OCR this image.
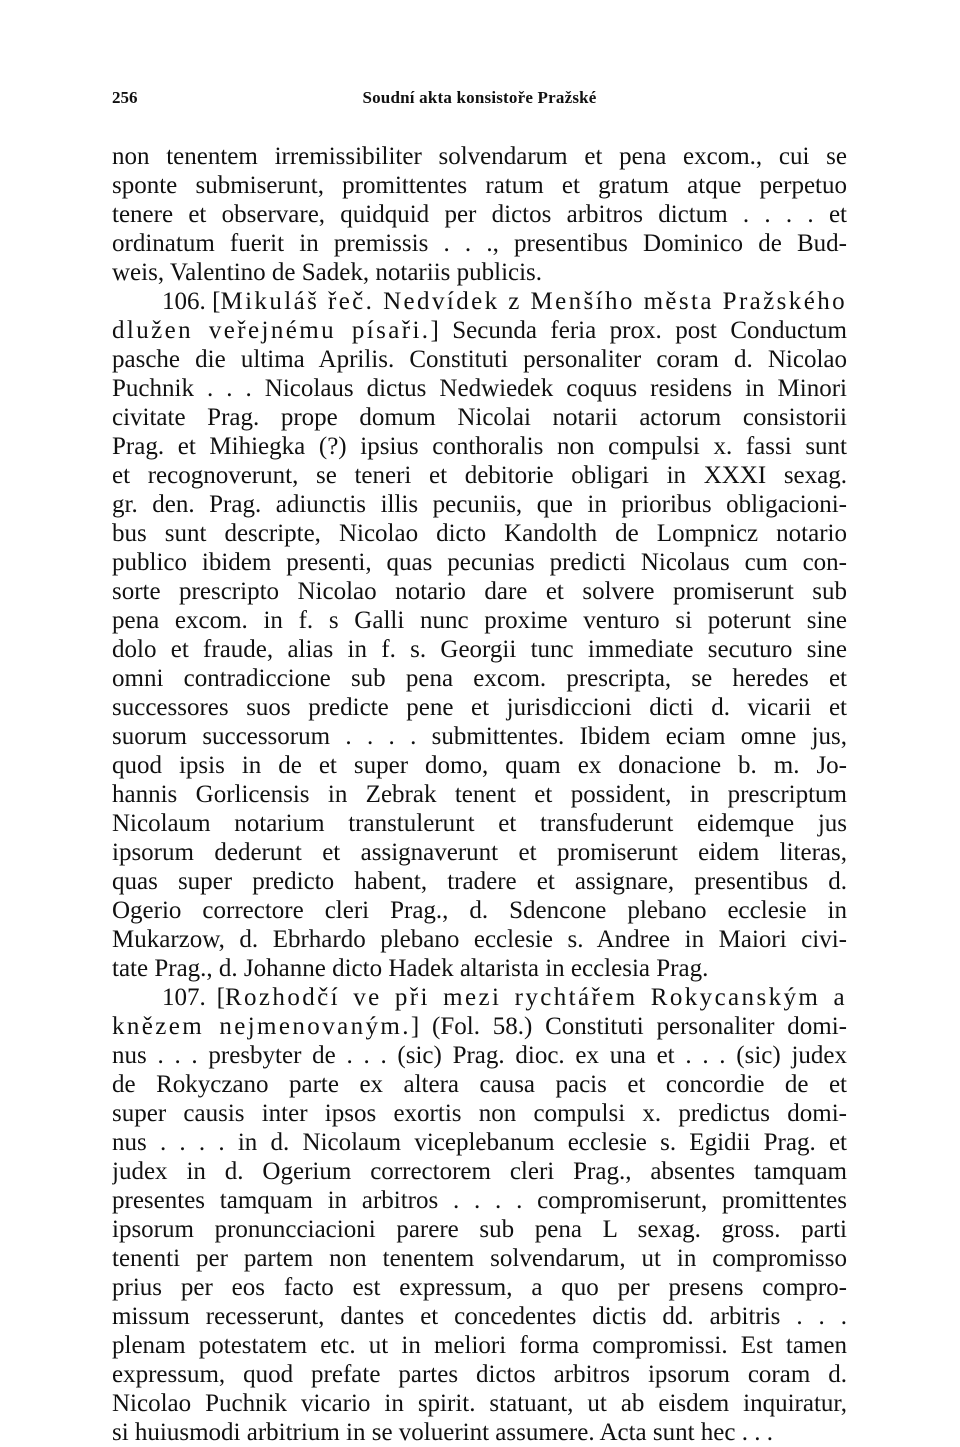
256	Soudní akta konsistoře Pražské
non tenentem irremissibiliter solvendarum et pena excom., cui se
sponte submiserunt, promittentes ratum et gratum atque perpetuo
tenere et observare, quidquid per dictos arbitros dictum . . . . et
ordinatum fuerit in premissis . . ., presentibus Dominico de Bud-
weis, Valentino de Sadek, notariis publicis.
106. [Mikuláš řeč. Nedvídek z Menšího města Pražského
dlužen veřejnému písaři.] Secunda feria prox. post Conductum
pasche die ultima Aprilis. Constituti personaliter coram d. Nicolao
Puchnik . . . Nicolaus dictus Nedwiedek coquus residens in Minori
civitate Prag. prope domum Nicolai notarii actorum consistorii
Prag. et Mihiegka (?) ipsius conthoralis non compulsi x. fassi sunt
et recognoverunt, se teneri et debitorie obligari in XXXI sexag.
gr. den. Prag. adiunctis illis pecuniis, que in prioribus obligacioni-
bus sunt descripte, Nicolao dicto Kandolth de Lompnicz notario
publico ibidem presenti, quas pecunias predicti Nicolaus cum con-
sorte prescripto Nicolao notario dare et solvere promiserunt sub
pena excom. in f. s Galli nunc proxime venturo si poterunt sine
dolo et fraude, alias in f. s. Georgii tunc immediate secuturo sine
omni contradiccione sub pena excom. prescripta, se heredes et
successores suos predicte pene et jurisdiccioni dicti d. vicarii et
suorum successorum . . . . submittentes. Ibidem eciam omne jus,
quod ipsis in de et super domo, quam ex donacione b. m. Jo-
hannis Gorlicensis in Zebrak tenent et possident, in prescriptum
Nicolaum notarium transtulerunt et transfuderunt eidemque jus
ipsorum dederunt et assignaverunt et promiserunt eidem literas,
quas super predicto habent, tradere et assignare, presentibus d.
Ogerio correctore cleri Prag., d. Sdencone plebano ecclesie in
Mukarzow, d. Ebrhardo plebano ecclesie s. Andree in Maiori civi-
tate Prag., d. Johanne dicto Hadek altarista in ecclesia Prag.
107. [Rozhodčí ve při mezi rychtářem Rokycanským a
knězem nejmenovaným.] (Fol. 58.) Constituti personaliter domi-
nus . . . presbyter de . . . (sic) Prag. dioc. ex una et . . . (sic) judex
de Rokyczano parte ex altera causa pacis et concordie de et
super causis inter ipsos exortis non compulsi x. predictus domi-
nus . . . . in d. Nicolaum viceplebanum ecclesie s. Egidii Prag. et
judex in d. Ogerium correctorem cleri Prag., absentes tamquam
presentes tamquam in arbitros . . . . compromiserunt, promittentes
ipsorum pronuncciacioni parere sub pena L sexag. gross. parti
tenenti per partem non tenentem solvendarum, ut in compromisso
prius per eos facto est expressum, a quo per presens compro-
missum recesserunt, dantes et concedentes dictis dd. arbitris . . .
plenam potestatem etc. ut in meliori forma compromissi. Est tamen
expressum, quod prefate partes dictos arbitros ipsorum coram d.
Nicolao Puchnik vicario in spirit. statuant, ut ab eisdem inquiratur,
si huiusmodi arbitrium in se voluerint assumere. Acta sunt hec . . .
